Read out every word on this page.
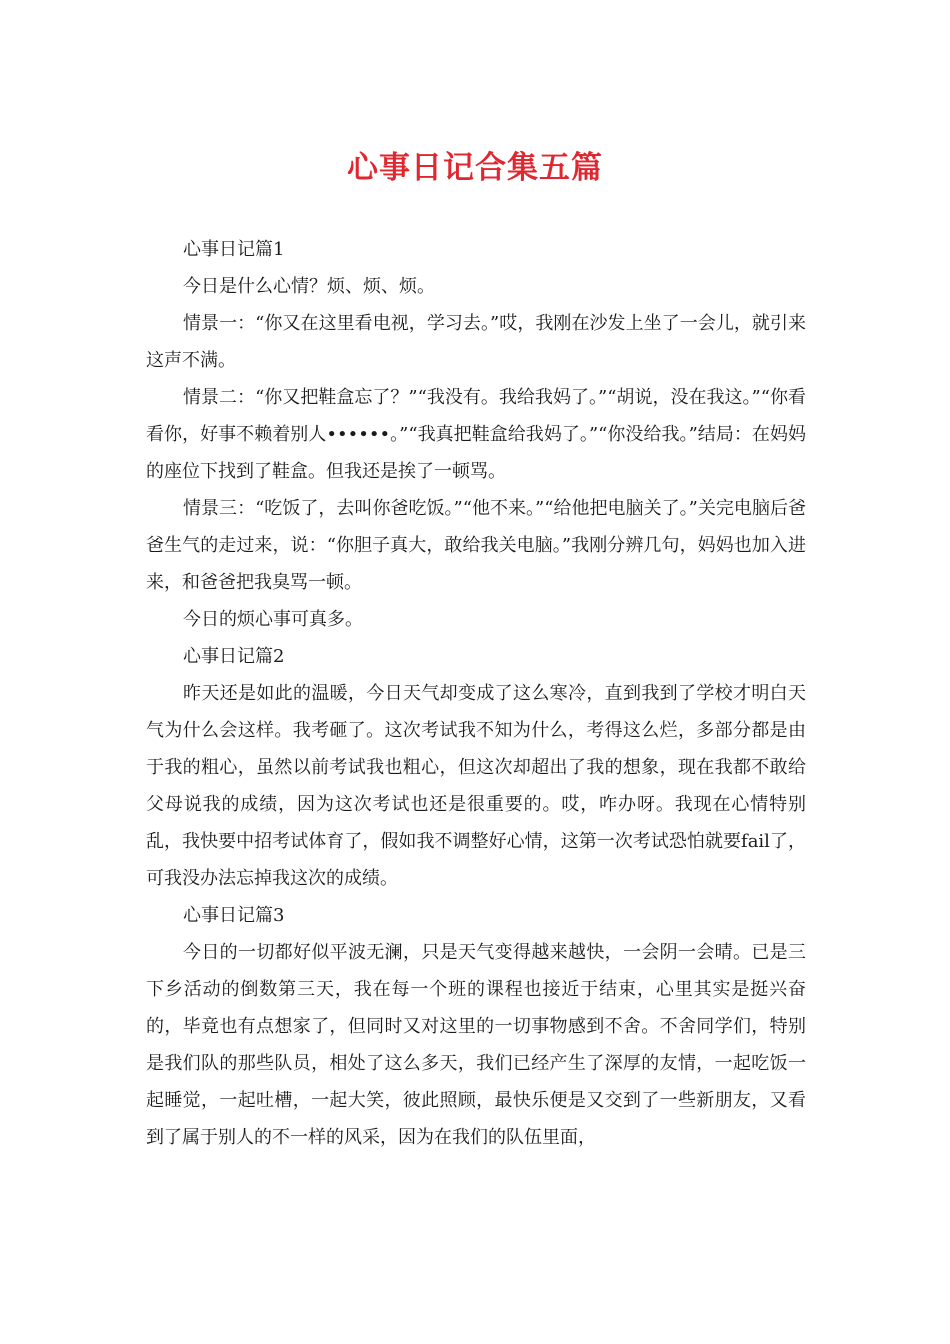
心事日记合集五篇

心事日记篇1

今日是什么心情？烦、烦、烦。

情景一：“你又在这里看电视，学习去。”哎，我刚在沙发上坐了一会儿，就引来这声不满。

情景二：“你又把鞋盒忘了？”“我没有。我给我妈了。”“胡说，没在我这。”“你看看你，好事不赖着别人••••••。”“我真把鞋盒给我妈了。”“你没给我。”结局：在妈妈的座位下找到了鞋盒。但我还是挨了一顿骂。

情景三：“吃饭了，去叫你爸吃饭。”“他不来。”“给他把电脑关了。”关完电脑后爸爸生气的走过来，说：“你胆子真大，敢给我关电脑。”我刚分辨几句，妈妈也加入进来，和爸爸把我臭骂一顿。

今日的烦心事可真多。

心事日记篇2

昨天还是如此的温暖，今日天气却变成了这么寒冷，直到我到了学校才明白天气为什么会这样。我考砸了。这次考试我不知为什么，考得这么烂，多部分都是由于我的粗心，虽然以前考试我也粗心，但这次却超出了我的想象，现在我都不敢给父母说我的成绩，因为这次考试也还是很重要的。哎，咋办呀。我现在心情特别乱，我快要中招考试体育了，假如我不调整好心情，这第一次考试恐怕就要fail了，可我没办法忘掉我这次的成绩。

心事日记篇3

今日的一切都好似平波无澜，只是天气变得越来越快，一会阴一会晴。已是三下乡活动的倒数第三天，我在每一个班的课程也接近于结束，心里其实是挺兴奋的，毕竟也有点想家了，但同时又对这里的一切事物感到不舍。不舍同学们，特别是我们队的那些队员，相处了这么多天，我们已经产生了深厚的友情，一起吃饭一起睡觉，一起吐槽，一起大笑，彼此照顾，最快乐便是又交到了一些新朋友，又看到了属于别人的不一样的风采，因为在我们的队伍里面，
